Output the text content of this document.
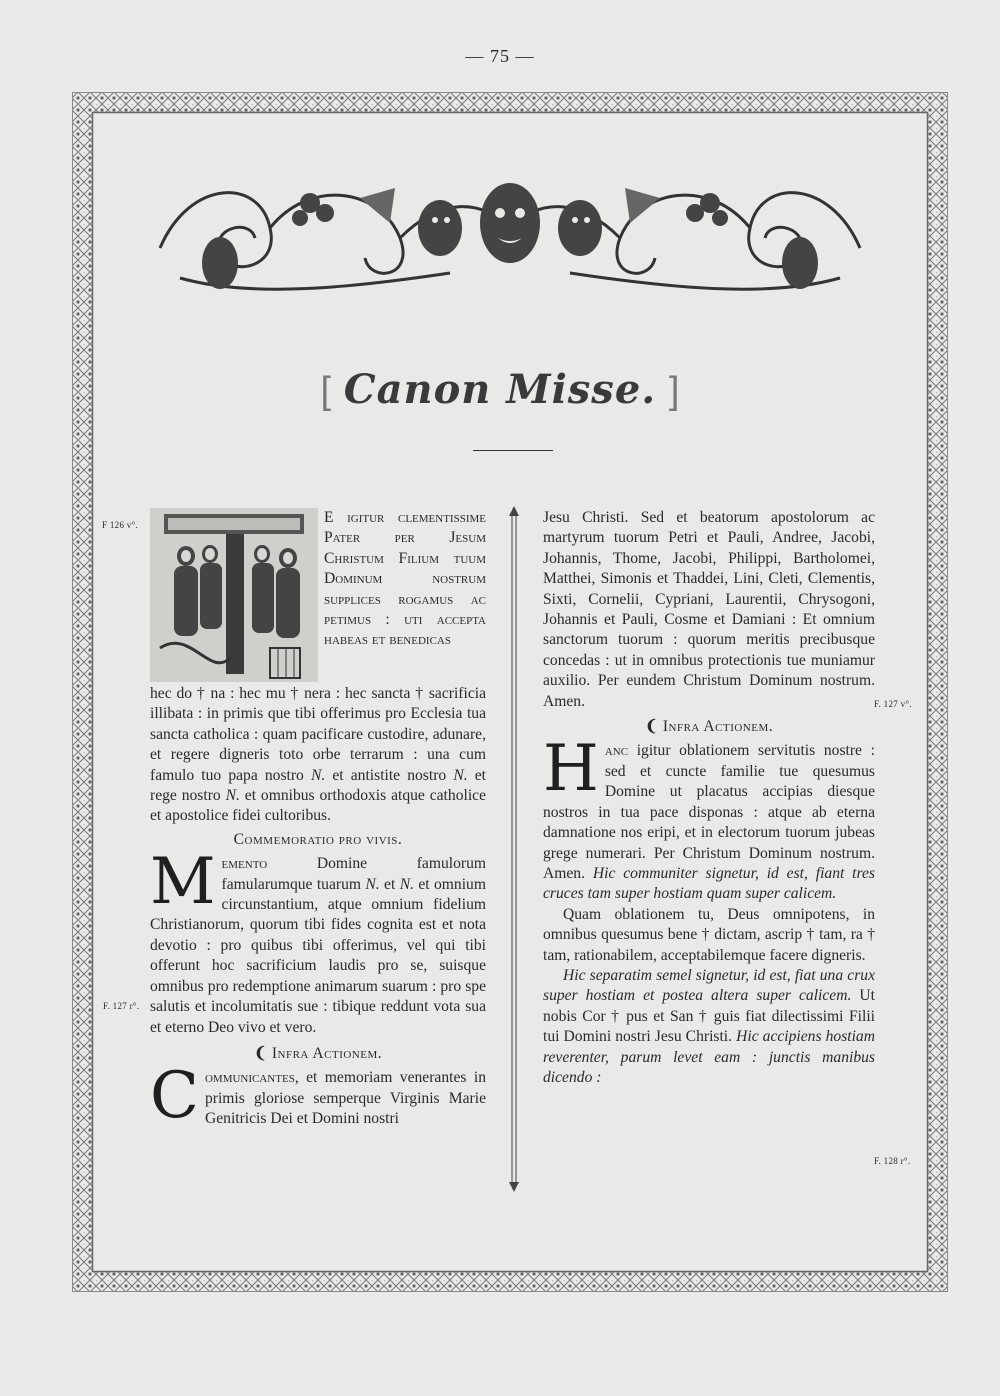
— 75 —
[ Canon Misse. ]
F 126 v°.
F. 127 r°.
F. 127 v°.
F. 128 r°.

E igitur clementissime Pater per Jesum Christum Filium tuum Dominum nostrum supplices rogamus ac petimus : uti accepta habeas et benedicas

hec do † na : hec mu † nera : hec sancta † sacrificia illibata : in primis que tibi offerimus pro Ecclesia tua sancta catholica : quam pacificare custodire, adunare, et regere digneris toto orbe terrarum : una cum famulo tuo papa nostro N. et antistite nostro N. et rege nostro N. et omnibus orthodoxis atque catholice et apostolice fidei cultoribus.

Commemoratio pro vivis.

Memento Domine famulorum famularumque tuarum N. et N. et omnium circunstantium, atque omnium fidelium Christianorum, quorum tibi fides cognita est et nota devotio : pro quibus tibi offerimus, vel qui tibi offerunt hoc sacrificium laudis pro se, suisque omnibus pro redemptione animarum suarum : pro spe salutis et incolumitatis sue : tibique reddunt vota sua et eterno Deo vivo et vero.

❨ Infra Actionem.

Communicantes, et memoriam venerantes in primis gloriose semperque Virginis Marie Genitricis Dei et Domini nostri

Jesu Christi. Sed et beatorum apostolorum ac martyrum tuorum Petri et Pauli, Andree, Jacobi, Johannis, Thome, Jacobi, Philippi, Bartholomei, Matthei, Simonis et Thaddei, Lini, Cleti, Clementis, Sixti, Cornelii, Cypriani, Laurentii, Chrysogoni, Johannis et Pauli, Cosme et Damiani : Et omnium sanctorum tuorum : quorum meritis precibusque concedas : ut in omnibus protectionis tue muniamur auxilio. Per eundem Christum Dominum nostrum. Amen.

❨ Infra Actionem.

Hanc igitur oblationem servitutis nostre : sed et cuncte familie tue quesumus Domine ut placatus accipias diesque nostros in tua pace disponas : atque ab eterna damnatione nos eripi, et in electorum tuorum jubeas grege numerari. Per Christum Dominum nostrum. Amen. Hic communiter signetur, id est, fiant tres cruces tam super hostiam quam super calicem.

Quam oblationem tu, Deus omnipotens, in omnibus quesumus bene † dictam, ascrip † tam, ra † tam, rationabilem, acceptabilemque facere digneris.

Hic separatim semel signetur, id est, fiat una crux super hostiam et postea altera super calicem. Ut nobis Cor † pus et San † guis fiat dilectissimi Filii tui Domini nostri Jesu Christi. Hic accipiens hostiam reverenter, parum levet eam : junctis manibus dicendo :
